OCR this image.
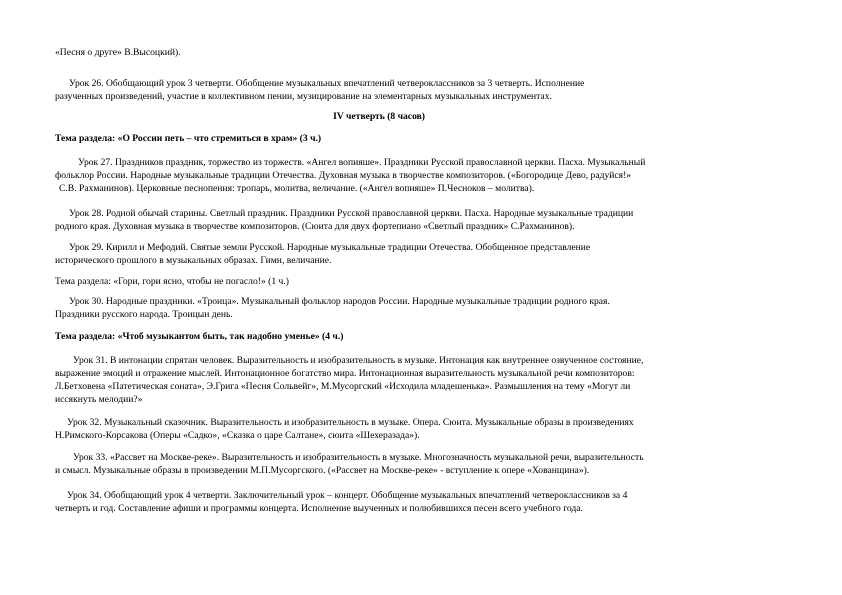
«Песня о друге» В.Высоцкий).
Урок 26. Обобщающий урок 3 четверти. Обобщение музыкальных впечатлений четвероклассников за 3 четверть. Исполнение
разученных произведений, участие в коллективном пении, музицирование на элементарных музыкальных инструментах.
IV четверть (8 часов)
Тема раздела: «О России петь – что стремиться в храм» (3 ч.)
Урок 27. Праздников праздник, торжество из торжеств. «Ангел вопияше». Праздники Русской православной церкви. Пасха. Музыкальный
фольклор России. Народные музыкальные традиции Отечества. Духовная музыка в творчестве композиторов. («Богородице Дево, радуйся!»
С.В. Рахманинов). Церковные песнопения: тропарь, молитва, величание. («Ангел вопияше» П.Чесноков – молитва).
Урок 28. Родной обычай старины. Светлый праздник. Праздники Русской православной церкви. Пасха. Народные музыкальные традиции
родного края. Духовная музыка в творчестве композиторов. (Сюита для двух фортепиано «Светлый праздник» С.Рахманинов).
Урок 29. Кирилл и Мефодий. Святые земли Русской. Народные музыкальные традиции Отечества. Обобщенное представление
исторического прошлого в музыкальных образах. Гимн, величание.
Тема раздела: «Гори, гори ясно, чтобы не погасло!» (1 ч.)
Урок 30. Народные праздники. «Троица». Музыкальный фольклор народов России. Народные музыкальные традиции родного края.
Праздники русского народа. Троицын день.
Тема раздела: «Чтоб музыкантом быть, так надобно уменье» (4 ч.)
Урок 31. В интонации спрятан человек. Выразительность и изобразительность в музыке. Интонация как внутреннее озвученное состояние,
выражение эмоций и отражение мыслей. Интонационное богатство мира. Интонационная выразительность музыкальной речи композиторов:
Л.Бетховена «Патетическая соната», Э.Грига «Песня Сольвейг», М.Мусоргский «Исходила младешенька». Размышления на тему «Могут ли
иссякнуть мелодии?»
Урок 32. Музыкальный сказочник. Выразительность и изобразительность в музыке. Опера. Сюита. Музыкальные образы в произведениях
Н.Римского-Корсакова (Оперы «Садко», «Сказка о царе Салтане», сюита «Шехеразада»).
Урок 33. «Рассвет на Москве-реке». Выразительность и изобразительность в музыке. Многозначность музыкальной речи, выразительность
и смысл. Музыкальные образы в произведении М.П.Мусоргского. («Рассвет на Москве-реке» - вступление к опере «Хованщина»).
Урок 34. Обобщающий урок 4 четверти. Заключительный урок – концерт. Обобщение музыкальных впечатлений четвероклассников за 4
четверть и год. Составление афиши и программы концерта. Исполнение выученных и полюбившихся песен всего учебного года.
